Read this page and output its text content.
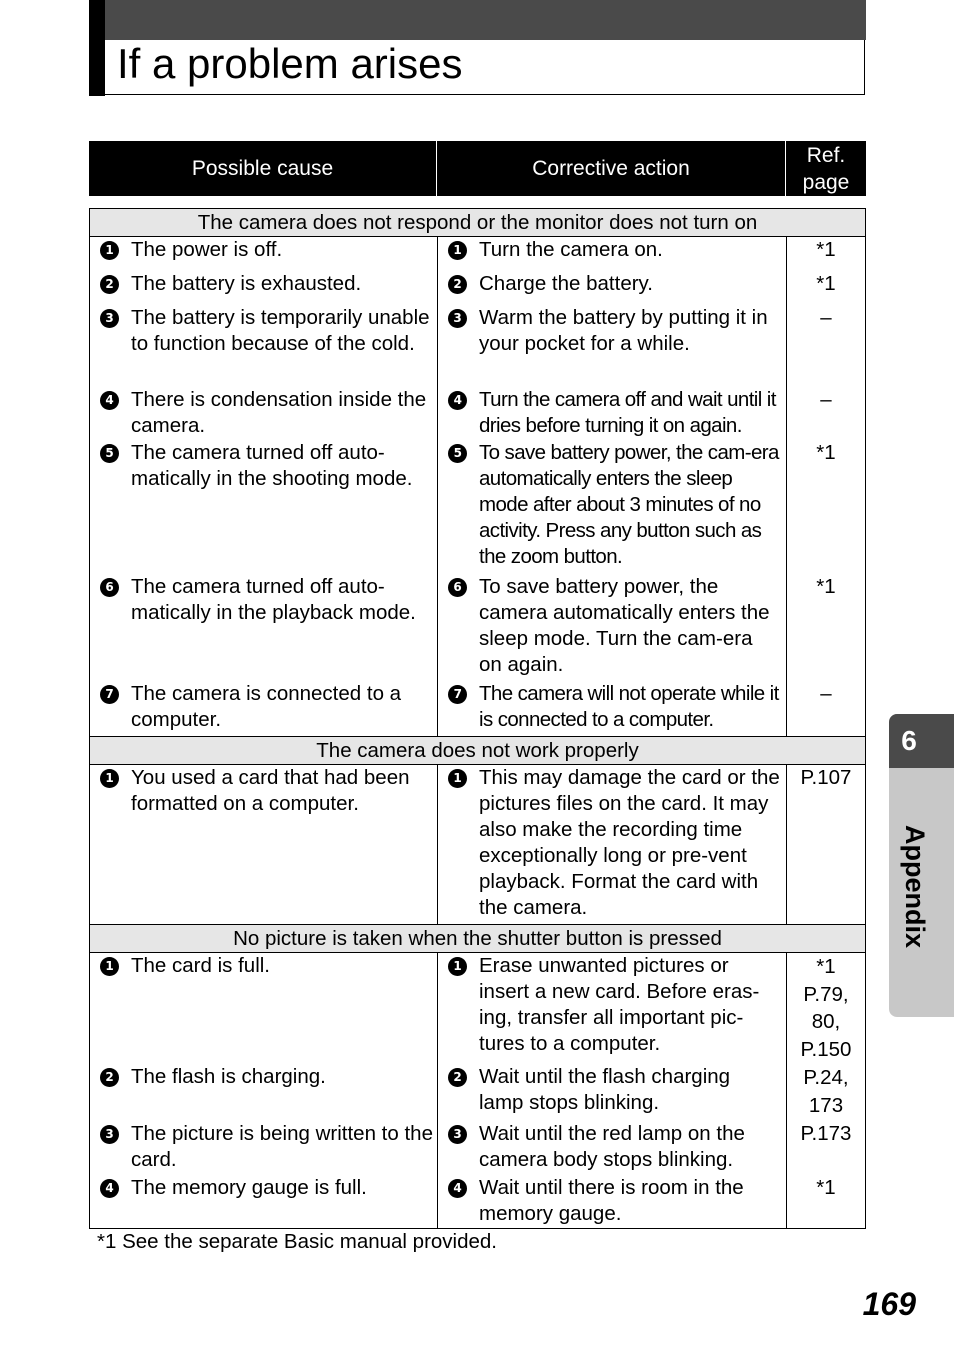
If a problem arises
Possible cause	Corrective action
Ref.
page
The camera does not respond or the monitor does not turn on
1 The power is off.
2 The battery is exhausted.
3 The battery is temporarily unable to function because of the cold.
4 There is condensation inside the camera.
5 The camera turned off auto-matically in the shooting mode.
6 The camera turned off auto-matically in the playback mode.
7 The camera is connected to a computer.
1 Turn the camera on.
2 Charge the battery.
3 Warm the battery by putting it in your pocket for a while.
4 Turn the camera off and wait until it dries before turning it on again.
5 To save battery power, the cam-era automatically enters the sleep mode after about 3 minutes of no activity. Press any button such as the zoom button.
6 To save battery power, the camera automatically enters the sleep mode. Turn the cam-era on again.
7 The camera will not operate while it is connected to a computer.
*1
*1
–
–
*1
*1
–
The camera does not work properly
1 You used a card that had been formatted on a computer.
1 This may damage the card or the pictures files on the card. It may also make the recording time exceptionally long or pre-vent playback. Format the card with the camera.
P.107
No picture is taken when the shutter button is pressed
1 The card is full.
2 The flash is charging.
3 The picture is being written to the card.
4 The memory gauge is full.
1 Erase unwanted pictures or insert a new card. Before eras-ing, transfer all important pic-tures to a computer.
2 Wait until the flash charging lamp stops blinking.
3 Wait until the red lamp on the camera body stops blinking.
4 Wait until there is room in the memory gauge.
*1
P.79,
80,
P.150
P.24,
173
P.173
*1
*1 See the separate Basic manual provided.
6
169
